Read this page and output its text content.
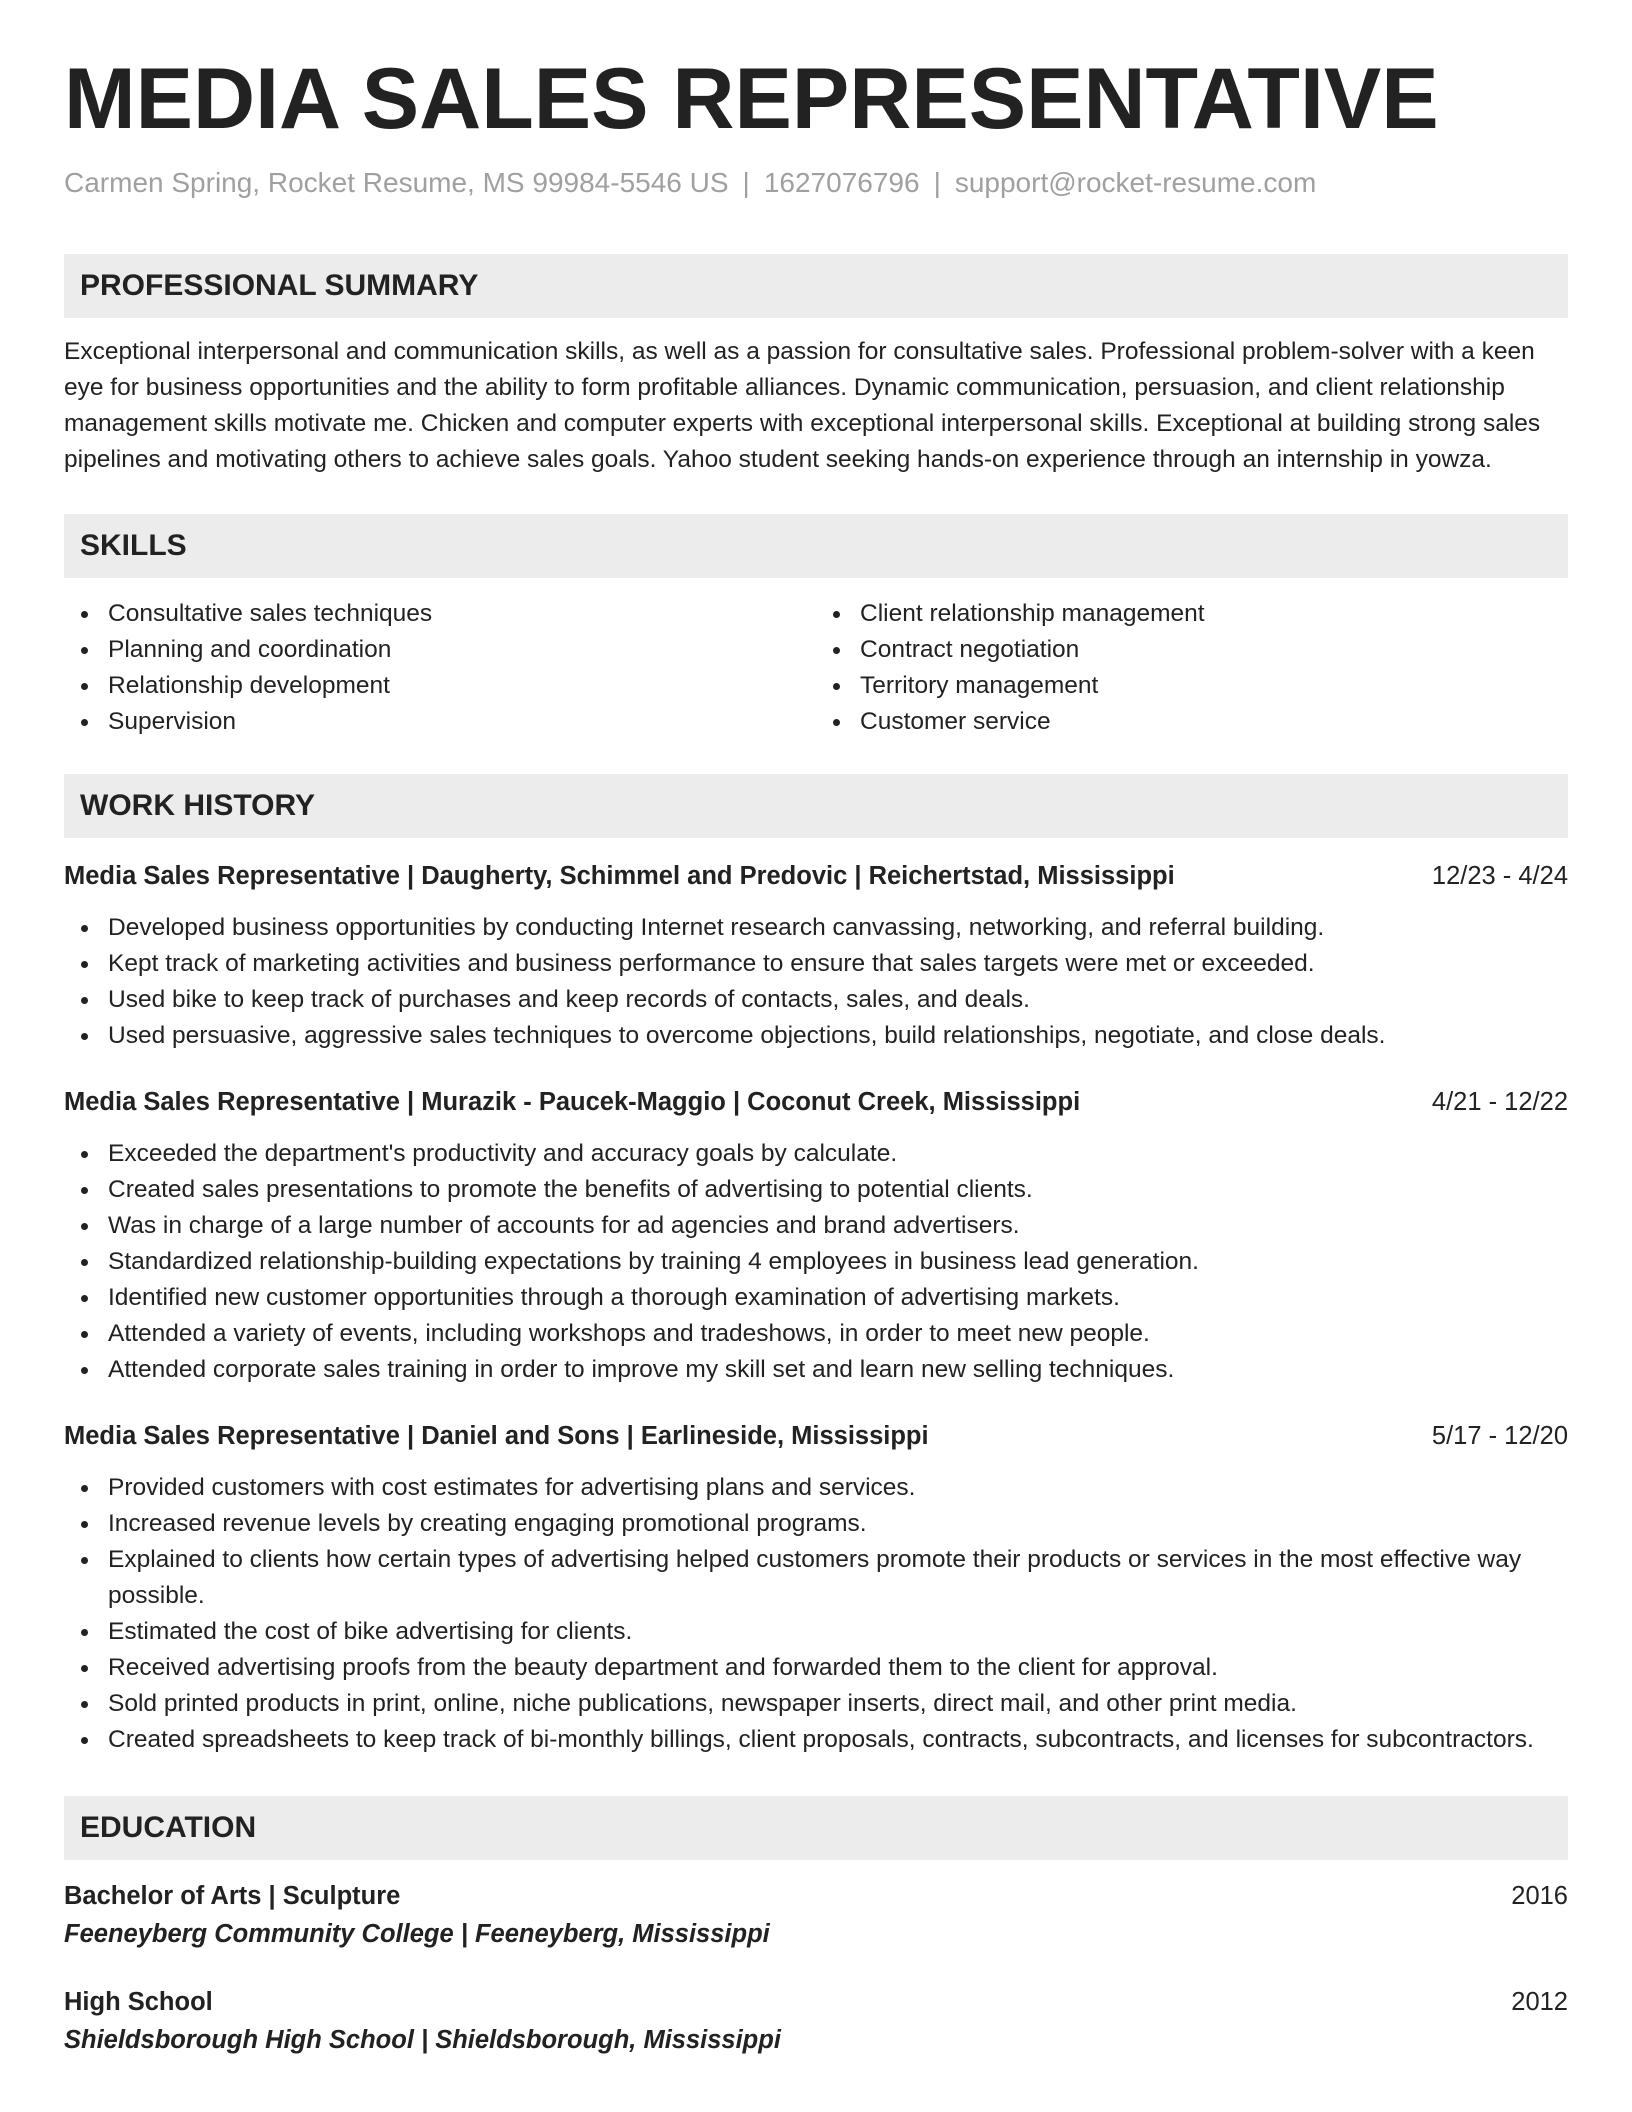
MEDIA SALES REPRESENTATIVE
Carmen Spring, Rocket Resume, MS 99984-5546 US | 1627076796 | support@rocket-resume.com
PROFESSIONAL SUMMARY

Exceptional interpersonal and communication skills, as well as a passion for consultative sales. Professional problem-solver with a keen eye for business opportunities and the ability to form profitable alliances. Dynamic communication, persuasion, and client relationship management skills motivate me. Chicken and computer experts with exceptional interpersonal skills. Exceptional at building strong sales pipelines and motivating others to achieve sales goals. Yahoo student seeking hands-on experience through an internship in yowza.

SKILLS
Consultative sales techniques
Planning and coordination
Relationship development
Supervision
Client relationship management
Contract negotiation
Territory management
Customer service
WORK HISTORY
Media Sales Representative | Daugherty, Schimmel and Predovic | Reichertstad, Mississippi	12/23 - 4/24
Developed business opportunities by conducting Internet research canvassing, networking, and referral building.
Kept track of marketing activities and business performance to ensure that sales targets were met or exceeded.
Used bike to keep track of purchases and keep records of contacts, sales, and deals.
Used persuasive, aggressive sales techniques to overcome objections, build relationships, negotiate, and close deals.
Media Sales Representative | Murazik - Paucek-Maggio | Coconut Creek, Mississippi	4/21 - 12/22
Exceeded the department's productivity and accuracy goals by calculate.
Created sales presentations to promote the benefits of advertising to potential clients.
Was in charge of a large number of accounts for ad agencies and brand advertisers.
Standardized relationship-building expectations by training 4 employees in business lead generation.
Identified new customer opportunities through a thorough examination of advertising markets.
Attended a variety of events, including workshops and tradeshows, in order to meet new people.
Attended corporate sales training in order to improve my skill set and learn new selling techniques.
Media Sales Representative | Daniel and Sons | Earlineside, Mississippi	5/17 - 12/20
Provided customers with cost estimates for advertising plans and services.
Increased revenue levels by creating engaging promotional programs.
Explained to clients how certain types of advertising helped customers promote their products or services in the most effective way possible.
Estimated the cost of bike advertising for clients.
Received advertising proofs from the beauty department and forwarded them to the client for approval.
Sold printed products in print, online, niche publications, newspaper inserts, direct mail, and other print media.
Created spreadsheets to keep track of bi-monthly billings, client proposals, contracts, subcontracts, and licenses for subcontractors.
EDUCATION
Bachelor of Arts | Sculpture	2016
Feeneyberg Community College | Feeneyberg, Mississippi
High School	2012
Shieldsborough High School | Shieldsborough, Mississippi
